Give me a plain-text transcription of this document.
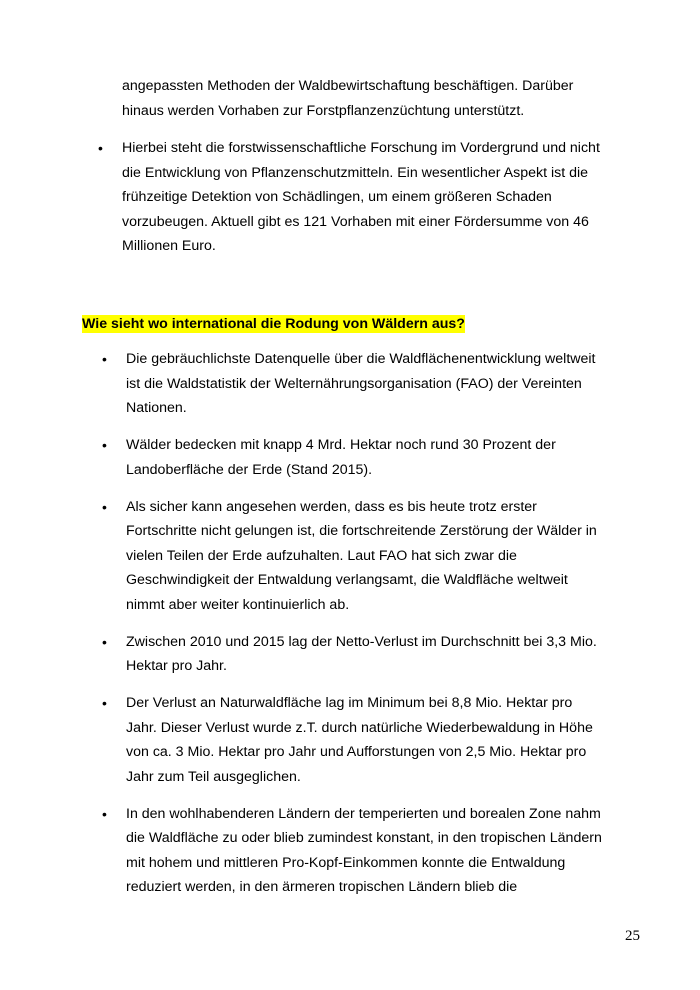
angepassten Methoden der Waldbewirtschaftung beschäftigen. Darüber hinaus werden Vorhaben zur Forstpflanzenzüchtung unterstützt.

• Hierbei steht die forstwissenschaftliche Forschung im Vordergrund und nicht die Entwicklung von Pflanzenschutzmitteln. Ein wesentlicher Aspekt ist die frühzeitige Detektion von Schädlingen, um einem größeren Schaden vorzubeugen. Aktuell gibt es 121 Vorhaben mit einer Fördersumme von 46 Millionen Euro.
Wie sieht wo international die Rodung von Wäldern aus?
• Die gebräuchlichste Datenquelle über die Waldflächenentwicklung weltweit ist die Waldstatistik der Welternährungsorganisation (FAO) der Vereinten Nationen.
• Wälder bedecken mit knapp 4 Mrd. Hektar noch rund 30 Prozent der Landoberfläche der Erde (Stand 2015).
• Als sicher kann angesehen werden, dass es bis heute trotz erster Fortschritte nicht gelungen ist, die fortschreitende Zerstörung der Wälder in vielen Teilen der Erde aufzuhalten. Laut FAO hat sich zwar die Geschwindigkeit der Entwaldung verlangsamt, die Waldfläche weltweit nimmt aber weiter kontinuierlich ab.
• Zwischen 2010 und 2015 lag der Netto-Verlust im Durchschnitt bei 3,3 Mio. Hektar pro Jahr.
• Der Verlust an Naturwaldfläche lag im Minimum bei 8,8 Mio. Hektar pro Jahr. Dieser Verlust wurde z.T. durch natürliche Wiederbewaldung in Höhe von ca. 3 Mio. Hektar pro Jahr und Aufforstungen von 2,5 Mio. Hektar pro Jahr zum Teil ausgeglichen.
• In den wohlhabenderen Ländern der temperierten und borealen Zone nahm die Waldfläche zu oder blieb zumindest konstant, in den tropischen Ländern mit hohem und mittleren Pro-Kopf-Einkommen konnte die Entwaldung reduziert werden, in den ärmeren tropischen Ländern blieb die
25
